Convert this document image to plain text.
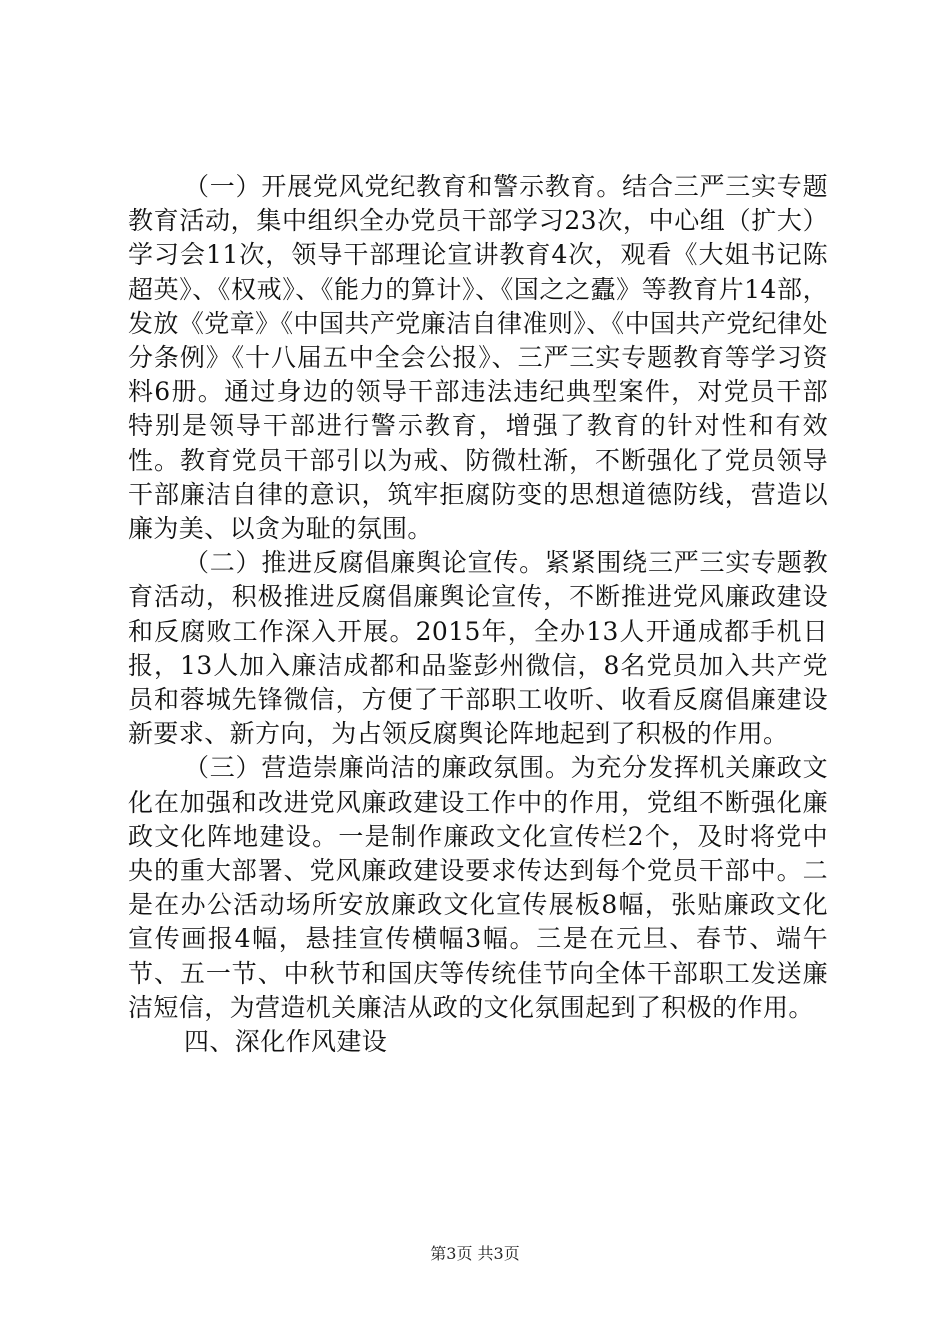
（一）开展党风党纪教育和警示教育。结合三严三实专题教育活动，集中组织全办党员干部学习23次，中心组（扩大）学习会11次，领导干部理论宣讲教育4次，观看《大姐书记陈超英》、《权戒》、《能力的算计》、《国之之蠹》等教育片14部，发放《党章》《中国共产党廉洁自律准则》、《中国共产党纪律处分条例》《十八届五中全会公报》、三严三实专题教育等学习资料6册。通过身边的领导干部违法违纪典型案件，对党员干部特别是领导干部进行警示教育，增强了教育的针对性和有效性。教育党员干部引以为戒、防微杜渐，不断强化了党员领导干部廉洁自律的意识，筑牢拒腐防变的思想道德防线，营造以廉为美、以贪为耻的氛围。

（二）推进反腐倡廉舆论宣传。紧紧围绕三严三实专题教育活动，积极推进反腐倡廉舆论宣传，不断推进党风廉政建设和反腐败工作深入开展。2015年，全办13人开通成都手机日报，13人加入廉洁成都和品鉴彭州微信，8名党员加入共产党员和蓉城先锋微信，方便了干部职工收听、收看反腐倡廉建设新要求、新方向，为占领反腐舆论阵地起到了积极的作用。

（三）营造崇廉尚洁的廉政氛围。为充分发挥机关廉政文化在加强和改进党风廉政建设工作中的作用，党组不断强化廉政文化阵地建设。一是制作廉政文化宣传栏2个，及时将党中央的重大部署、党风廉政建设要求传达到每个党员干部中。二是在办公活动场所安放廉政文化宣传展板8幅，张贴廉政文化宣传画报4幅，悬挂宣传横幅3幅。三是在元旦、春节、端午节、五一节、中秋节和国庆等传统佳节向全体干部职工发送廉洁短信，为营造机关廉洁从政的文化氛围起到了积极的作用。

四、深化作风建设

第3页 共3页
